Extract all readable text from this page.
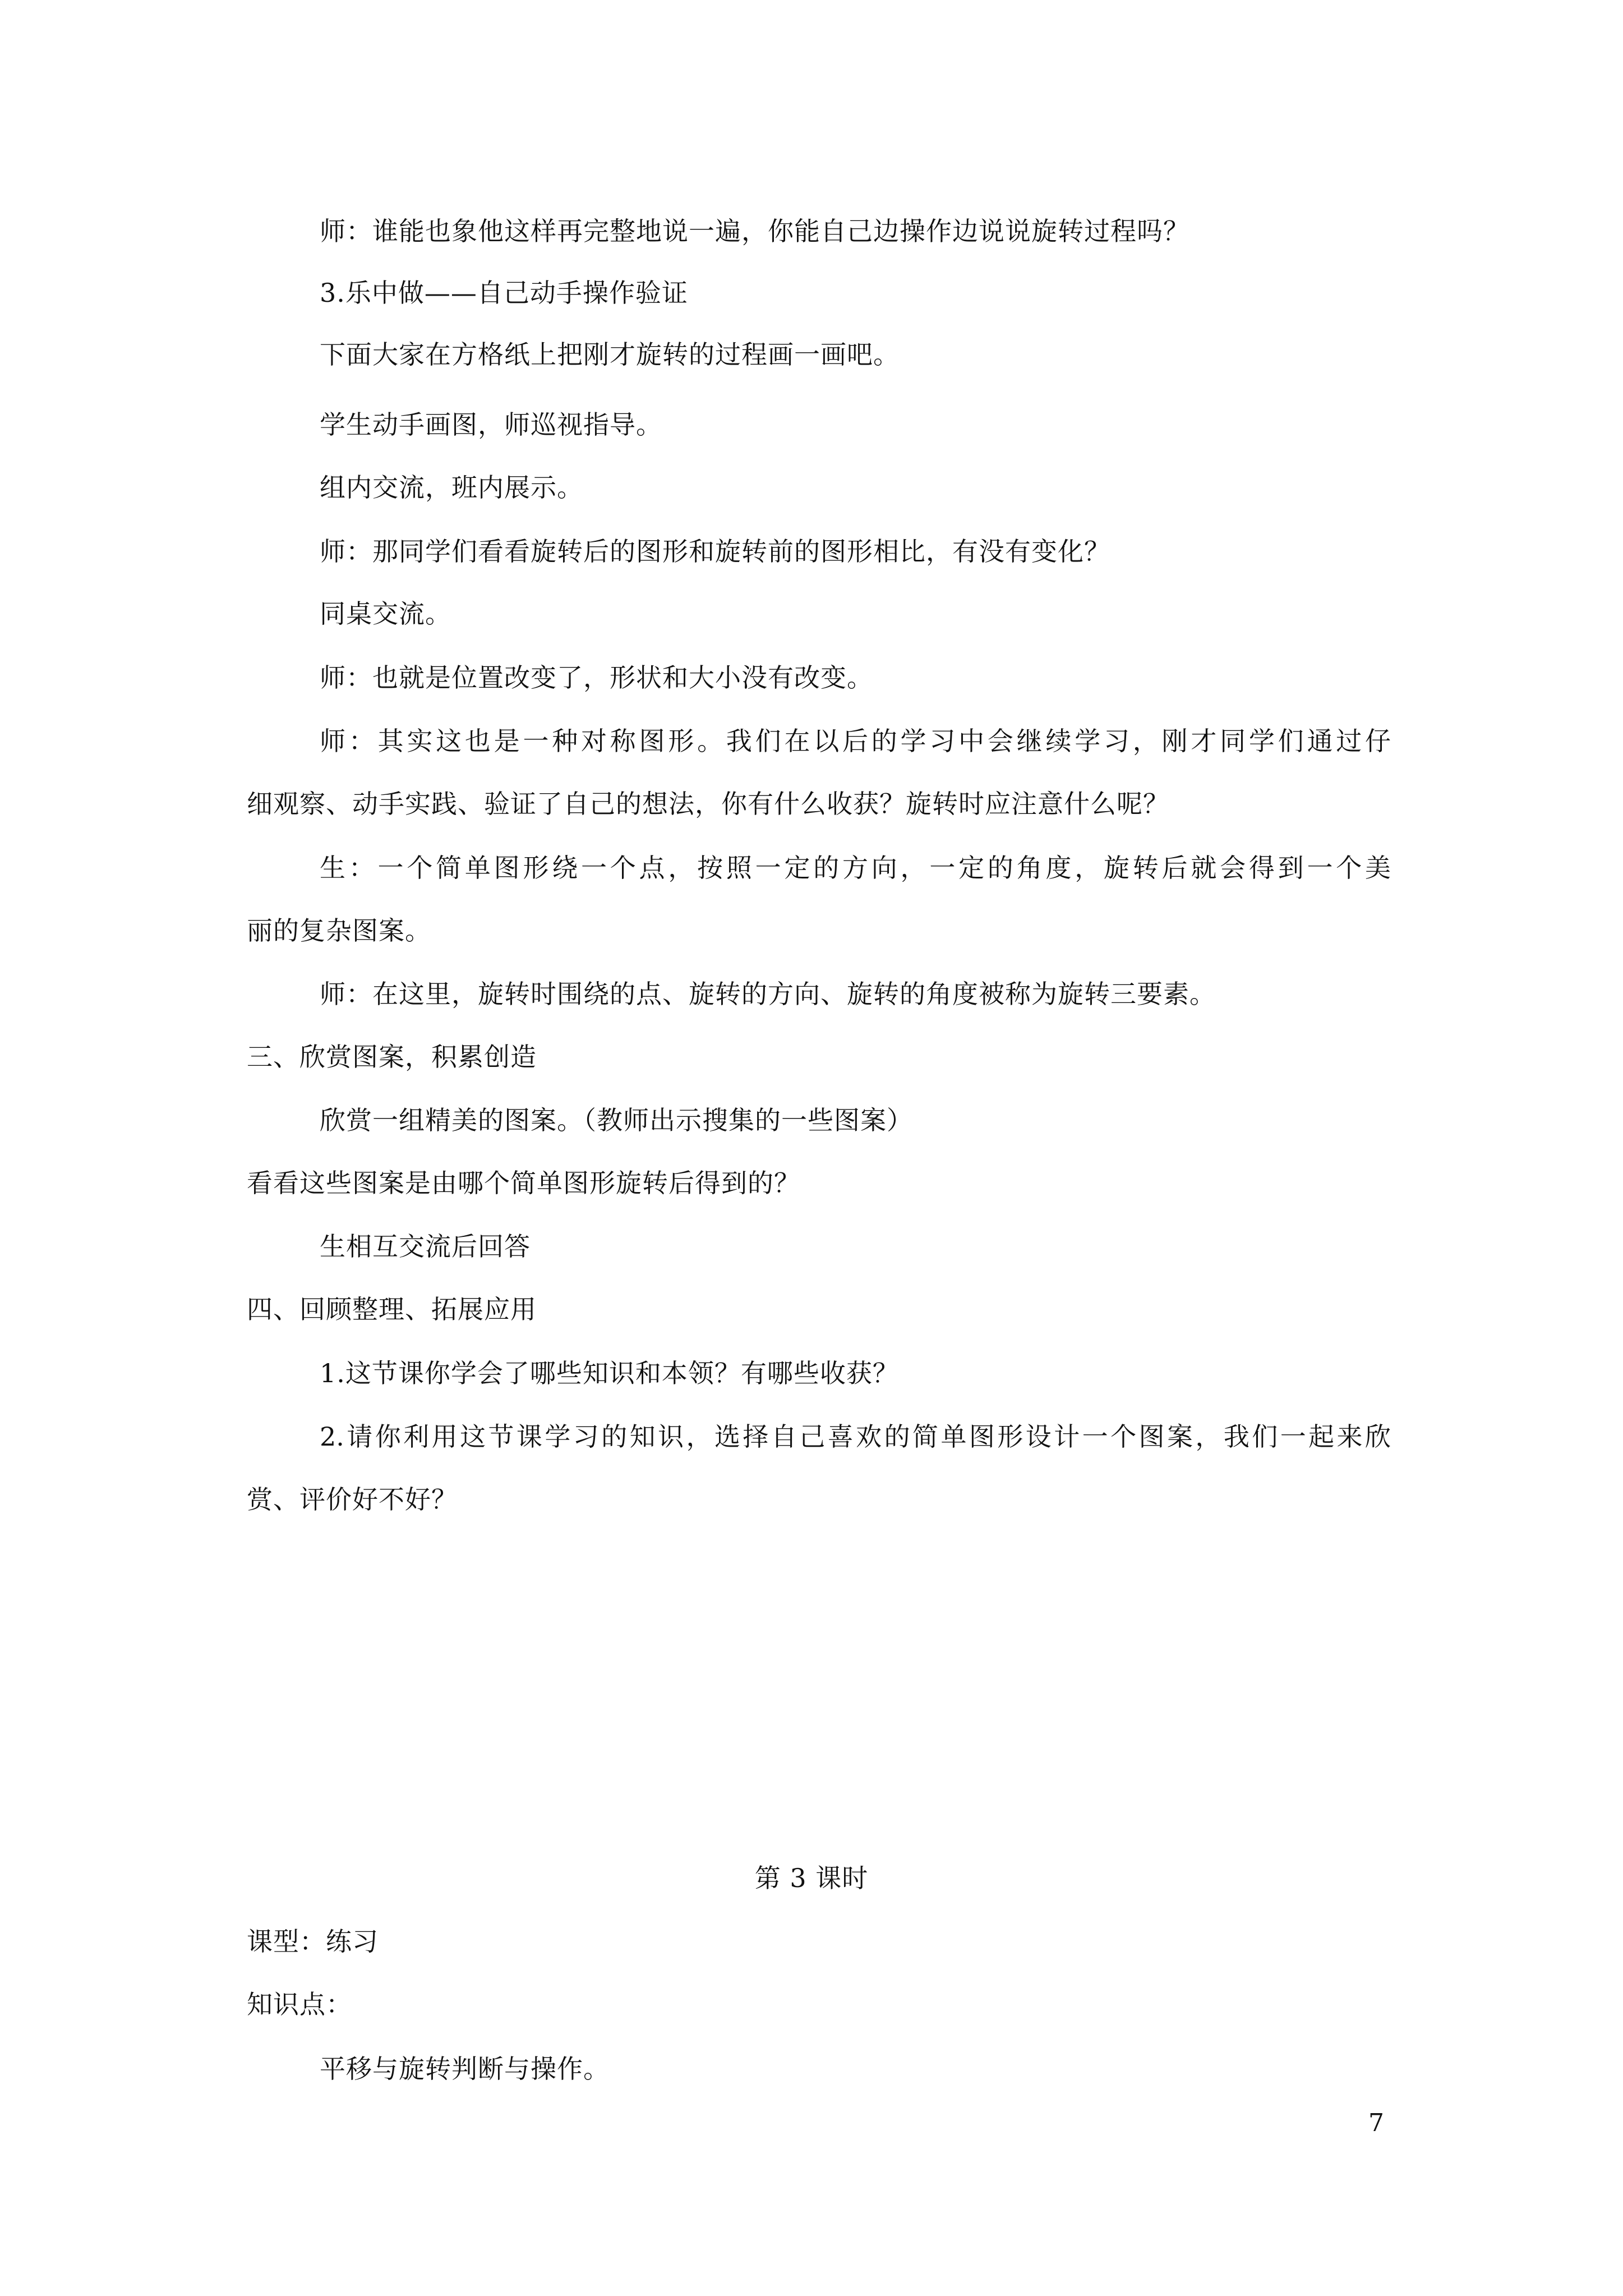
师：谁能也象他这样再完整地说一遍，你能自己边操作边说说旋转过程吗？
3.乐中做——自己动手操作验证
下面大家在方格纸上把刚才旋转的过程画一画吧。
学生动手画图，师巡视指导。
组内交流，班内展示。
师：那同学们看看旋转后的图形和旋转前的图形相比，有没有变化？
同桌交流。
师：也就是位置改变了，形状和大小没有改变。
师：其实这也是一种对称图形。我们在以后的学习中会继续学习，刚才同学们通过仔
细观察、动手实践、验证了自己的想法，你有什么收获？旋转时应注意什么呢？
生：一个简单图形绕一个点，按照一定的方向，一定的角度，旋转后就会得到一个美
丽的复杂图案。
师：在这里，旋转时围绕的点、旋转的方向、旋转的角度被称为旋转三要素。
三、欣赏图案，积累创造
欣赏一组精美的图案。（教师出示搜集的一些图案）
看看这些图案是由哪个简单图形旋转后得到的？
生相互交流后回答
四、回顾整理、拓展应用
1.这节课你学会了哪些知识和本领？有哪些收获？
2.请你利用这节课学习的知识，选择自己喜欢的简单图形设计一个图案，我们一起来欣
赏、评价好不好？
第 3 课时
课型：练习
知识点：
平移与旋转判断与操作。
7
